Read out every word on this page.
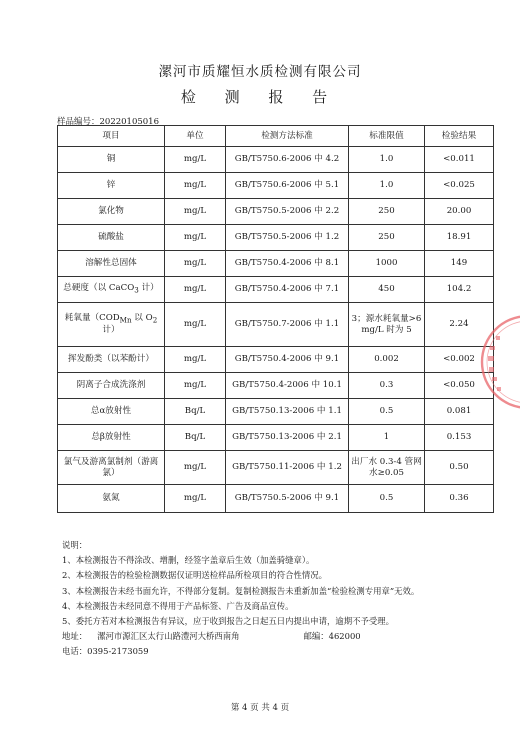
漯河市质耀恒水质检测有限公司
检 测 报 告
样品编号：20220105016
项目	单位	检测方法标准	标准限值	检验结果
铜	mg/L	GB/T5750.6-2006 中 4.2	1.0	<0.011
锌	mg/L	GB/T5750.6-2006 中 5.1	1.0	<0.025
氯化物	mg/L	GB/T5750.5-2006 中 2.2	250	20.00
硫酸盐	mg/L	GB/T5750.5-2006 中 1.2	250	18.91
溶解性总固体	mg/L	GB/T5750.4-2006 中 8.1	1000	149
总硬度（以 CaCO$_3$ 计）	mg/L	GB/T5750.4-2006 中 7.1	450	104.2
耗氧量（$COD_{Mn}$ 以 $O_2$ 计）	mg/L	GB/T5750.7-2006 中 1.1	3；源水耗氧量>6 mg/L 时为 5	2.24
挥发酚类（以苯酚计）	mg/L	GB/T5750.4-2006 中 9.1	0.002	<0.002
阴离子合成洗涤剂	mg/L	GB/T5750.4-2006 中 10.1	0.3	<0.050
总α放射性	Bq/L	GB/T5750.13-2006 中 1.1	0.5	0.081
总β放射性	Bq/L	GB/T5750.13-2006 中 2.1	1	0.153
氯气及游离氯制剂（游离氯）	mg/L	GB/T5750.11-2006 中 1.2	出厂水 0.3-4 管网水≥0.05	0.50
氨氮	mg/L	GB/T5750.5-2006 中 9.1	0.5	0.36
说明：
1、本检测报告不得涂改、增删，经签字盖章后生效（加盖骑缝章）。
2、本检测报告的检验检测数据仅证明送检样品所检项目的符合性情况。
3、本检测报告未经书面允许，不得部分复制。复制检测报告未重新加盖“检验检测专用章”无效。
4、本检测报告未经同意不得用于产品标签、广告及商品宣传。
5、委托方若对本检测报告有异议，应于收到报告之日起五日内提出申请，逾期不予受理。
地址： 漯河市源汇区太行山路澧河大桥西南角	邮编：462000
电话：0395-2173059
第 4 页 共 4 页
